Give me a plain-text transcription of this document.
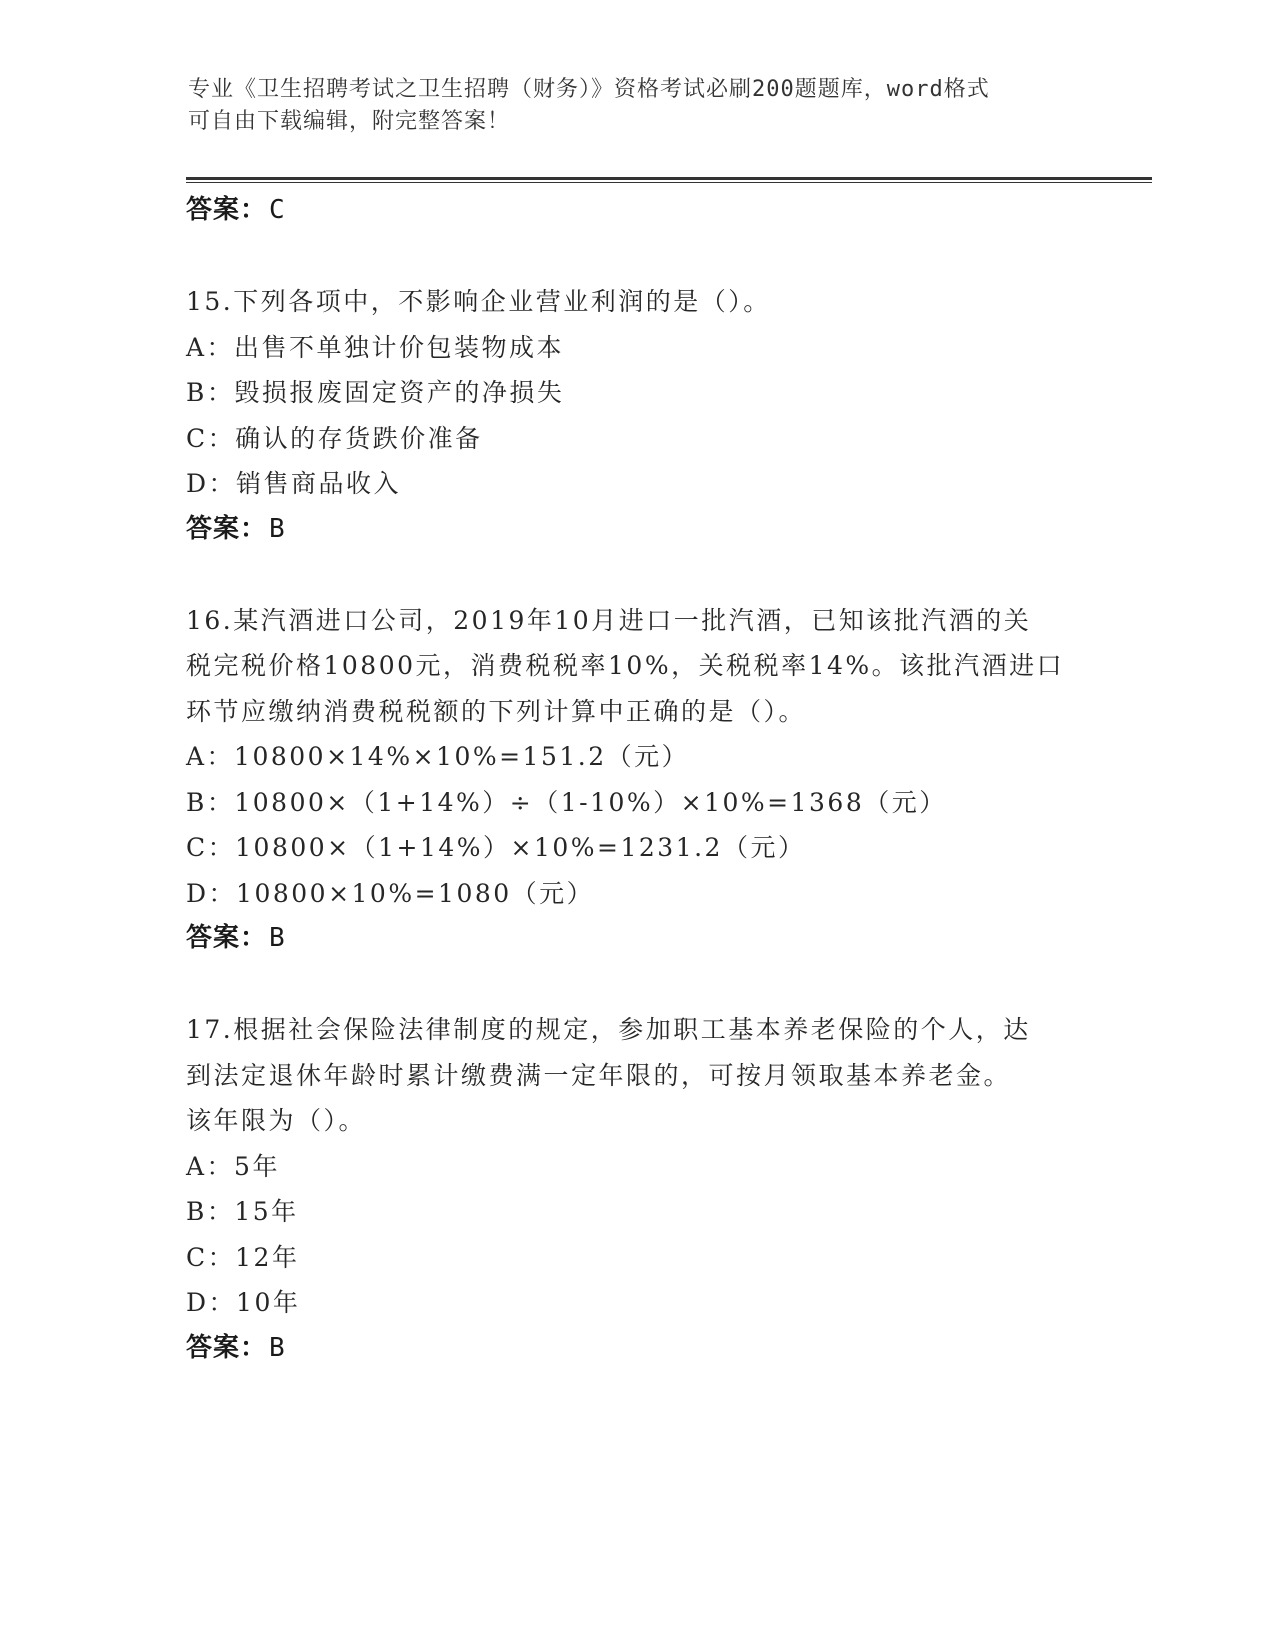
专业《卫生招聘考试之卫生招聘（财务）》资格考试必刷200题题库，word格式
可自由下载编辑，附完整答案！
答案：C
15.下列各项中，不影响企业营业利润的是（）。
A：出售不单独计价包装物成本
B：毁损报废固定资产的净损失
C：确认的存货跌价准备
D：销售商品收入
答案：B
16.某汽酒进口公司，2019年10月进口一批汽酒，已知该批汽酒的关
税完税价格10800元，消费税税率10%，关税税率14%。该批汽酒进口
环节应缴纳消费税税额的下列计算中正确的是（）。
A：10800×14%×10%=151.2（元）
B：10800×（1+14%）÷（1-10%）×10%=1368（元）
C：10800×（1+14%）×10%=1231.2（元）
D：10800×10%=1080（元）
答案：B
17.根据社会保险法律制度的规定，参加职工基本养老保险的个人，达
到法定退休年龄时累计缴费满一定年限的，可按月领取基本养老金。
该年限为（）。
A：5年
B：15年
C：12年
D：10年
答案：B
